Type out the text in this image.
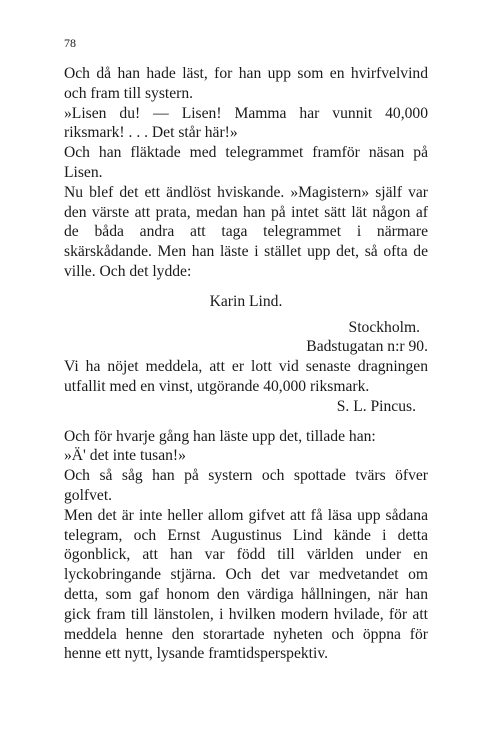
78

Och då han hade läst, for han upp som en hvirfvelvind och fram till systern.

»Lisen du! — Lisen! Mamma har vunnit 40,000 riksmark! . . . Det står här!»

Och han fläktade med telegrammet framför näsan på Lisen.

Nu blef det ett ändlöst hviskande. »Magistern» själf var den värste att prata, medan han på intet sätt lät någon af de båda andra att taga telegrammet i närmare skärskådande. Men han läste i stället upp det, så ofta de ville. Och det lydde:

Karin Lind.

Stockholm.

Badstugatan n:r 90.

Vi ha nöjet meddela, att er lott vid senaste dragningen utfallit med en vinst, utgörande 40,000 riksmark.

S. L. Pincus.

Och för hvarje gång han läste upp det, tillade han:

»Ä' det inte tusan!»

Och så såg han på systern och spottade tvärs öfver golfvet.

Men det är inte heller allom gifvet att få läsa upp sådana telegram, och Ernst Augustinus Lind kände i detta ögonblick, att han var född till världen under en lyckobringande stjärna. Och det var medvetandet om detta, som gaf honom den värdiga hållningen, när han gick fram till länstolen, i hvilken modern hvilade, för att meddela henne den storartade nyheten och öppna för henne ett nytt, lysande framtidsperspektiv.
